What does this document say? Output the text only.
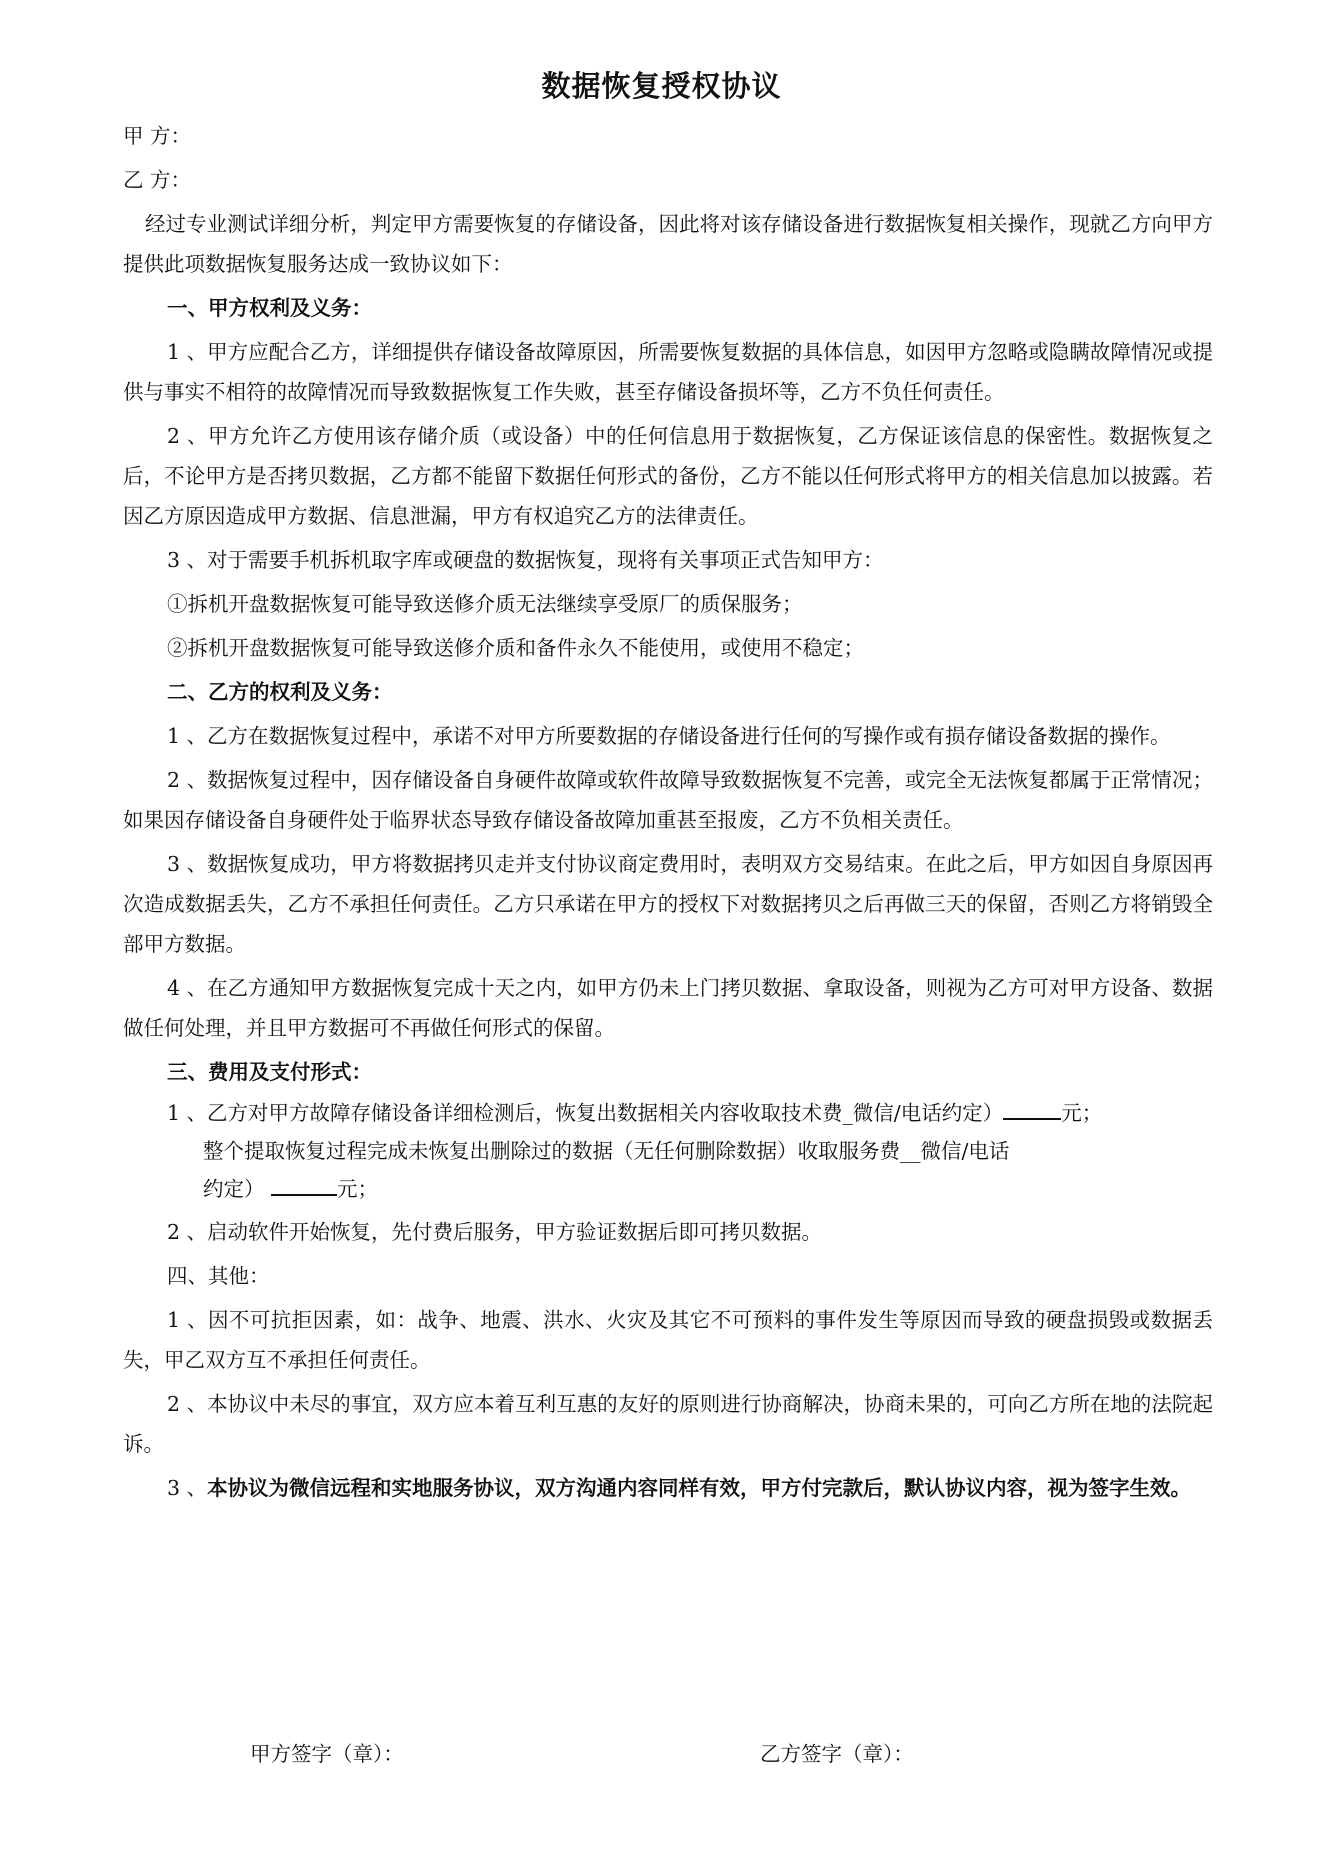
数据恢复授权协议

甲 方：

乙 方：

经过专业测试详细分析，判定甲方需要恢复的存储设备，因此将对该存储设备进行数据恢复相关操作，现就乙方向甲方提供此项数据恢复服务达成一致协议如下：

一、甲方权利及义务：

1 、甲方应配合乙方，详细提供存储设备故障原因，所需要恢复数据的具体信息，如因甲方忽略或隐瞒故障情况或提供与事实不相符的故障情况而导致数据恢复工作失败，甚至存储设备损坏等，乙方不负任何责任。

2 、甲方允许乙方使用该存储介质（或设备）中的任何信息用于数据恢复，乙方保证该信息的保密性。数据恢复之后，不论甲方是否拷贝数据，乙方都不能留下数据任何形式的备份，乙方不能以任何形式将甲方的相关信息加以披露。若因乙方原因造成甲方数据、信息泄漏，甲方有权追究乙方的法律责任。

3 、对于需要手机拆机取字库或硬盘的数据恢复，现将有关事项正式告知甲方：

①拆机开盘数据恢复可能导致送修介质无法继续享受原厂的质保服务；

②拆机开盘数据恢复可能导致送修介质和备件永久不能使用，或使用不稳定；

二、乙方的权利及义务：

1 、乙方在数据恢复过程中，承诺不对甲方所要数据的存储设备进行任何的写操作或有损存储设备数据的操作。

2 、数据恢复过程中，因存储设备自身硬件故障或软件故障导致数据恢复不完善，或完全无法恢复都属于正常情况；如果因存储设备自身硬件处于临界状态导致存储设备故障加重甚至报废，乙方不负相关责任。

3 、数据恢复成功，甲方将数据拷贝走并支付协议商定费用时，表明双方交易结束。在此之后，甲方如因自身原因再次造成数据丢失，乙方不承担任何责任。乙方只承诺在甲方的授权下对数据拷贝之后再做三天的保留，否则乙方将销毁全部甲方数据。

4 、在乙方通知甲方数据恢复完成十天之内，如甲方仍未上门拷贝数据、拿取设备，则视为乙方可对甲方设备、数据做任何处理，并且甲方数据可不再做任何形式的保留。

三、费用及支付形式：

1 、乙方对甲方故障存储设备详细检测后，恢复出数据相关内容收取技术费_微信/电话约定）	元；

整个提取恢复过程完成未恢复出删除过的数据（无任何删除数据）收取服务费__微信/电话

约定）	元；

2 、启动软件开始恢复，先付费后服务，甲方验证数据后即可拷贝数据。

四、其他：

1 、因不可抗拒因素，如：战争、地震、洪水、火灾及其它不可预料的事件发生等原因而导致的硬盘损毁或数据丢失，甲乙双方互不承担任何责任。

2 、本协议中未尽的事宜，双方应本着互利互惠的友好的原则进行协商解决，协商未果的，可向乙方所在地的法院起诉。

3 、本协议为微信远程和实地服务协议，双方沟通内容同样有效，甲方付完款后，默认协议内容，视为签字生效。

甲方签字（章）：	乙方签字（章）：
